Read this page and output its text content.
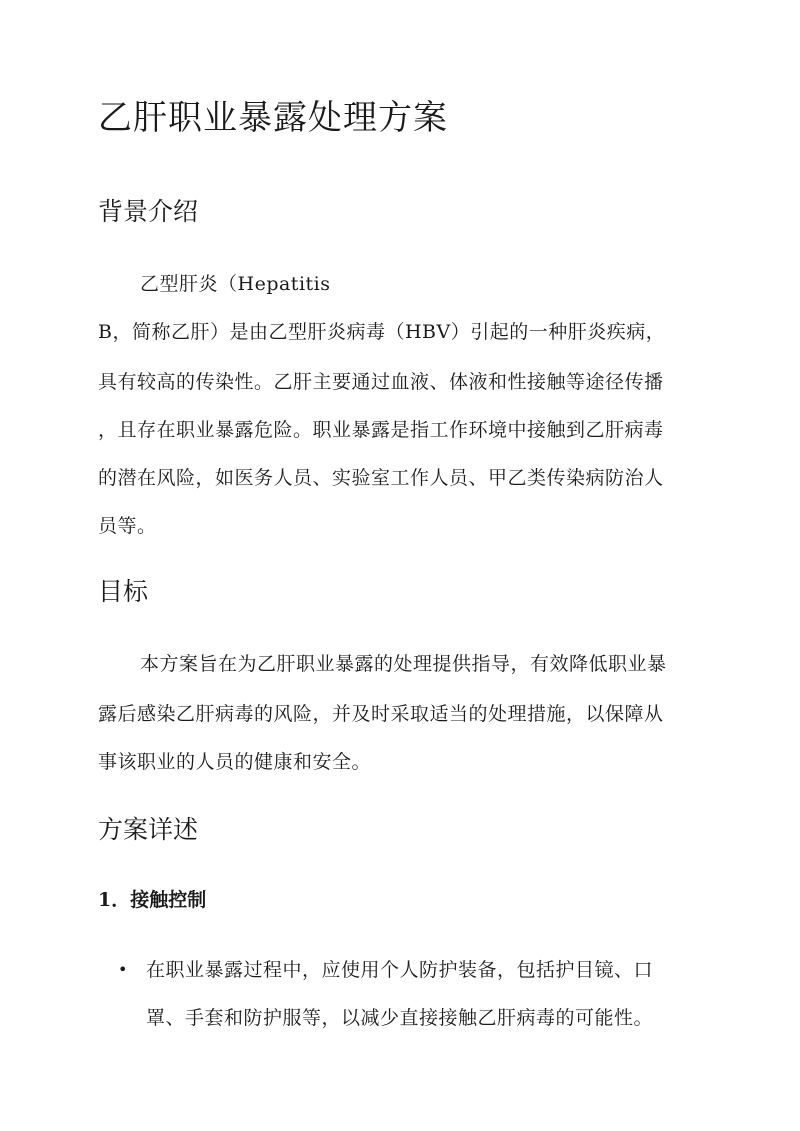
乙肝职业暴露处理方案
背景介绍
乙型肝炎（Hepatitis
B，简称乙肝）是由乙型肝炎病毒（HBV）引起的一种肝炎疾病，
具有较高的传染性。乙肝主要通过血液、体液和性接触等途径传播
，且存在职业暴露危险。职业暴露是指工作环境中接触到乙肝病毒
的潜在风险，如医务人员、实验室工作人员、甲乙类传染病防治人
员等。
目标
本方案旨在为乙肝职业暴露的处理提供指导，有效降低职业暴
露后感染乙肝病毒的风险，并及时采取适当的处理措施，以保障从
事该职业的人员的健康和安全。
方案详述
1．接触控制
• 在职业暴露过程中，应使用个人防护装备，包括护目镜、口
罩、手套和防护服等，以减少直接接触乙肝病毒的可能性。
